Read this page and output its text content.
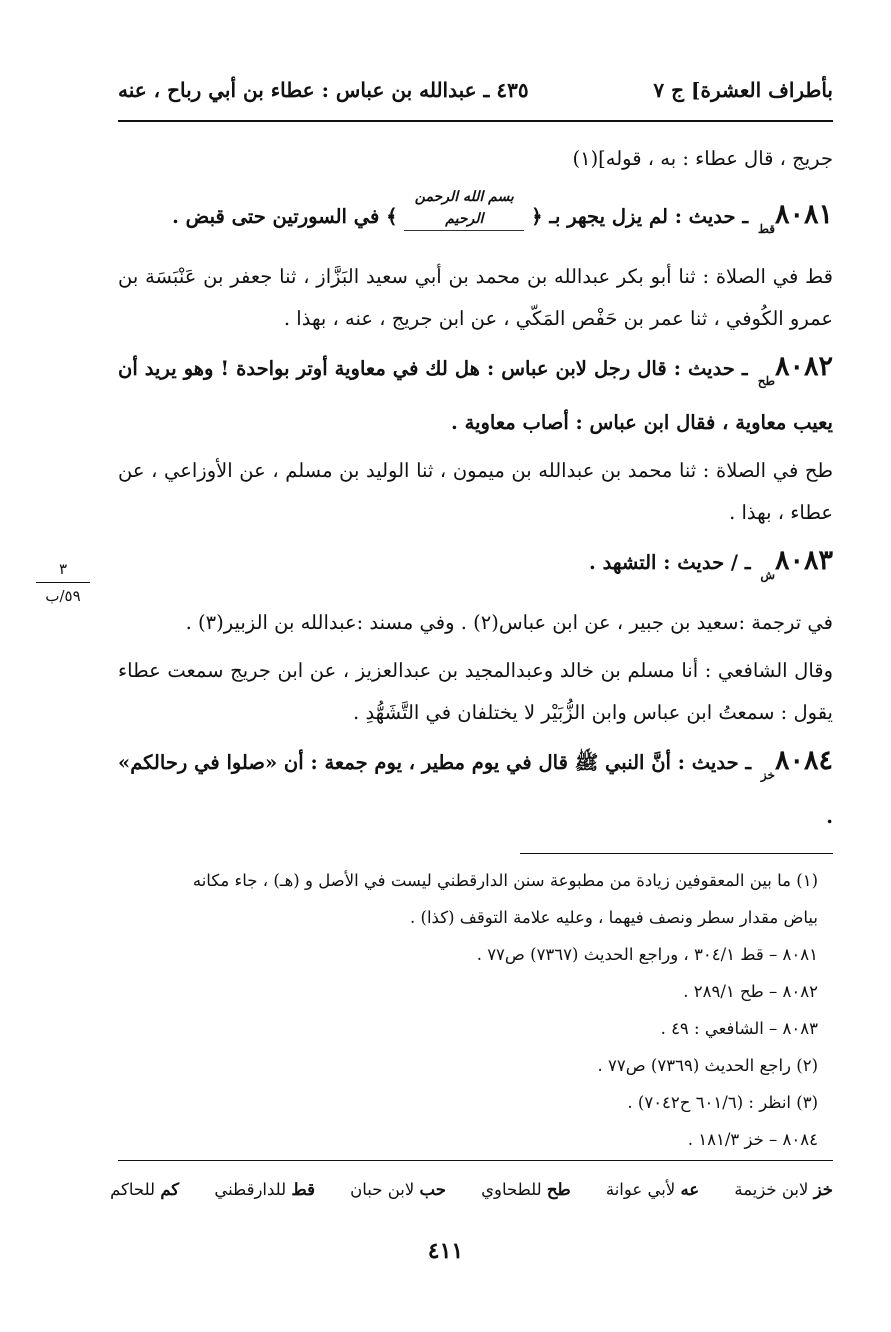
بأطراف العشرة] ج ٧
٤٣٥ ـ عبدالله بن عباس : عطاء بن أبي رباح ، عنه

جريج ، قال عطاء : به ، قوله](١)

$٨٠٨١_{قط}$ ـ حديث : لم يزل يجهر بـ ﴿ بسم الله الرحمن الرحيم ﴾ في السورتين حتى قبض .

قط في الصلاة : ثنا أبو بكر عبدالله بن محمد بن أبي سعيد البَزَّاز ، ثنا جعفر بن عَنْبَسَة بن عمرو الكُوفي ، ثنا عمر بن حَفْص المَكّي ، عن ابن جريج ، عنه ، بهذا .

$٨٠٨٢_{طح}$ ـ حديث : قال رجل لابن عباس : هل لك في معاوية أوتر بواحدة ! وهو يريد أن يعيب معاوية ، فقال ابن عباس : أصاب معاوية .

طح في الصلاة : ثنا محمد بن عبدالله بن ميمون ، ثنا الوليد بن مسلم ، عن الأوزاعي ، عن عطاء ، بهذا .

$٨٠٨٣_ش$ ـ / حديث : التشهد .

في ترجمة :سعيد بن جبير ، عن ابن عباس(٢) . وفي مسند :عبدالله بن الزبير(٣) .

وقال الشافعي : أنا مسلم بن خالد وعبدالمجيد بن عبدالعزيز ، عن ابن جريج سمعت عطاء يقول : سمعتُ ابن عباس وابن الزُّبَيْر لا يختلفان في التَّشَهُّدِ .

$٨٠٨٤_{خز}$ ـ حديث : أنَّ النبي ﷺ قال في يوم مطير ، يوم جمعة : أن «صلوا في رحالكم» .

٣
٥٩/ب
(١) ما بين المعقوفين زيادة من مطبوعة سنن الدارقطني ليست في الأصل و (هـ) ، جاء مكانه
بياض مقدار سطر ونصف فيهما ، وعليه علامة التوقف (كذا) .
٨٠٨١ – قط ٣٠٤/١ ، وراجع الحديث (٧٣٦٧) ص٧٧ .
٨٠٨٢ – طح ٢٨٩/١ .
٨٠٨٣ – الشافعي : ٤٩ .
(٢) راجع الحديث (٧٣٦٩) ص٧٧ .
(٣) انظر : (٦٠١/٦ ح٧٠٤٢) .
٨٠٨٤ – خز ١٨١/٣ .
خز لابن خزيمة
عه لأبي عوانة
طح للطحاوي
حب لابن حبان
قط للدارقطني
كم للحاكم
٤١١
